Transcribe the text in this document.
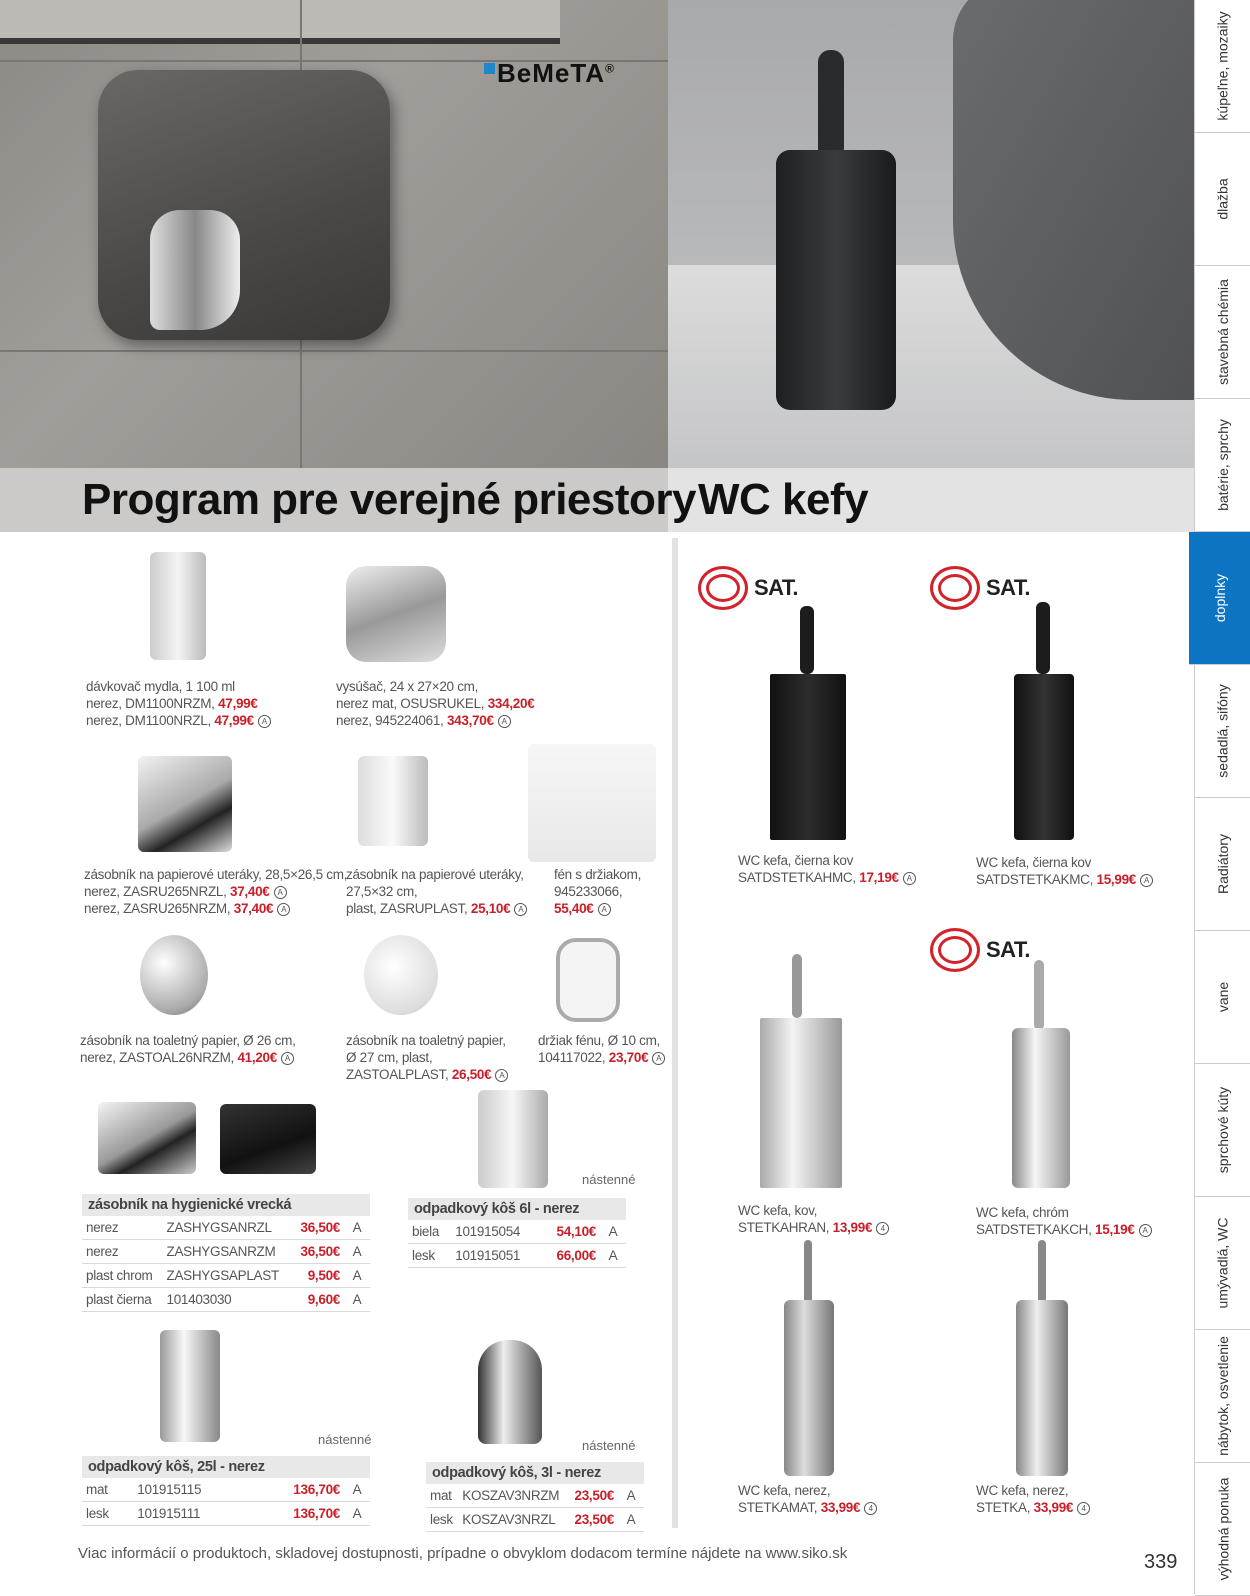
BeMeTA®
Program pre verejné priestory WC kefy
kúpeľne, mozaiky
dlažba
stavebná chémia
batérie, sprchy
doplnky
sedadlá, sifóny
Radiátory
vane
sprchové kúty
umývadlá, WC
nábytok, osvetlenie
výhodná ponuka
dávkovač mydla, 1 100 ml
nerez, DM1100NRZM, 47,99€
nerez, DM1100NRZL, 47,99€ A
vysúšač, 24 x 27×20 cm,
nerez mat, OSUSRUKEL, 334,20€
nerez, 945224061, 343,70€ A
zásobník na papierové uteráky, 28,5×26,5 cm,
nerez, ZASRU265NRZL, 37,40€ A
nerez, ZASRU265NRZM, 37,40€ A
zásobník na papierové uteráky,
27,5×32 cm,
plast, ZASRUPLAST, 25,10€ A
fén s držiakom,
945233066,
55,40€ A
zásobník na toaletný papier, Ø 26 cm,
nerez, ZASTOAL26NRZM, 41,20€ A
zásobník na toaletný papier,
Ø 27 cm, plast,
ZASTOALPLAST, 26,50€ A
držiak fénu, Ø 10 cm,
104117022, 23,70€ A
zásobník na hygienické vrecká			
nerez	ZASHYGSANRZL	36,50€	A
nerez	ZASHYGSANRZM	36,50€	A
plast chrom	ZASHYGSAPLAST	9,50€	A
plast čierna	101403030	9,60€	A
nástenné
odpadkový kôš 6l - nerez			
biela	101915054	54,10€	A
lesk	101915051	66,00€	A
nástenné
odpadkový kôš, 25l - nerez			
mat	101915115	136,70€	A
lesk	101915111	136,70€	A
nástenné
odpadkový kôš, 3l - nerez			
mat	KOSZAV3NRZM	23,50€	A
lesk	KOSZAV3NRZL	23,50€	A
SAT.	SAT.
SAT.
WC kefa, čierna kov
SATDSTETKAHMC, 17,19€ A
WC kefa, čierna kov
SATDSTETKAKMC, 15,99€ A
WC kefa, kov,
STETKAHRAN, 13,99€ 4
WC kefa, chróm
SATDSTETKAKCH, 15,19€ A
WC kefa, nerez,
STETKAMAT, 33,99€ 4
WC kefa, nerez,
STETKA, 33,99€ 4
Viac informácií o produktoch, skladovej dostupnosti, prípadne o obvyklom dodacom termíne nájdete na www.siko.sk	339
